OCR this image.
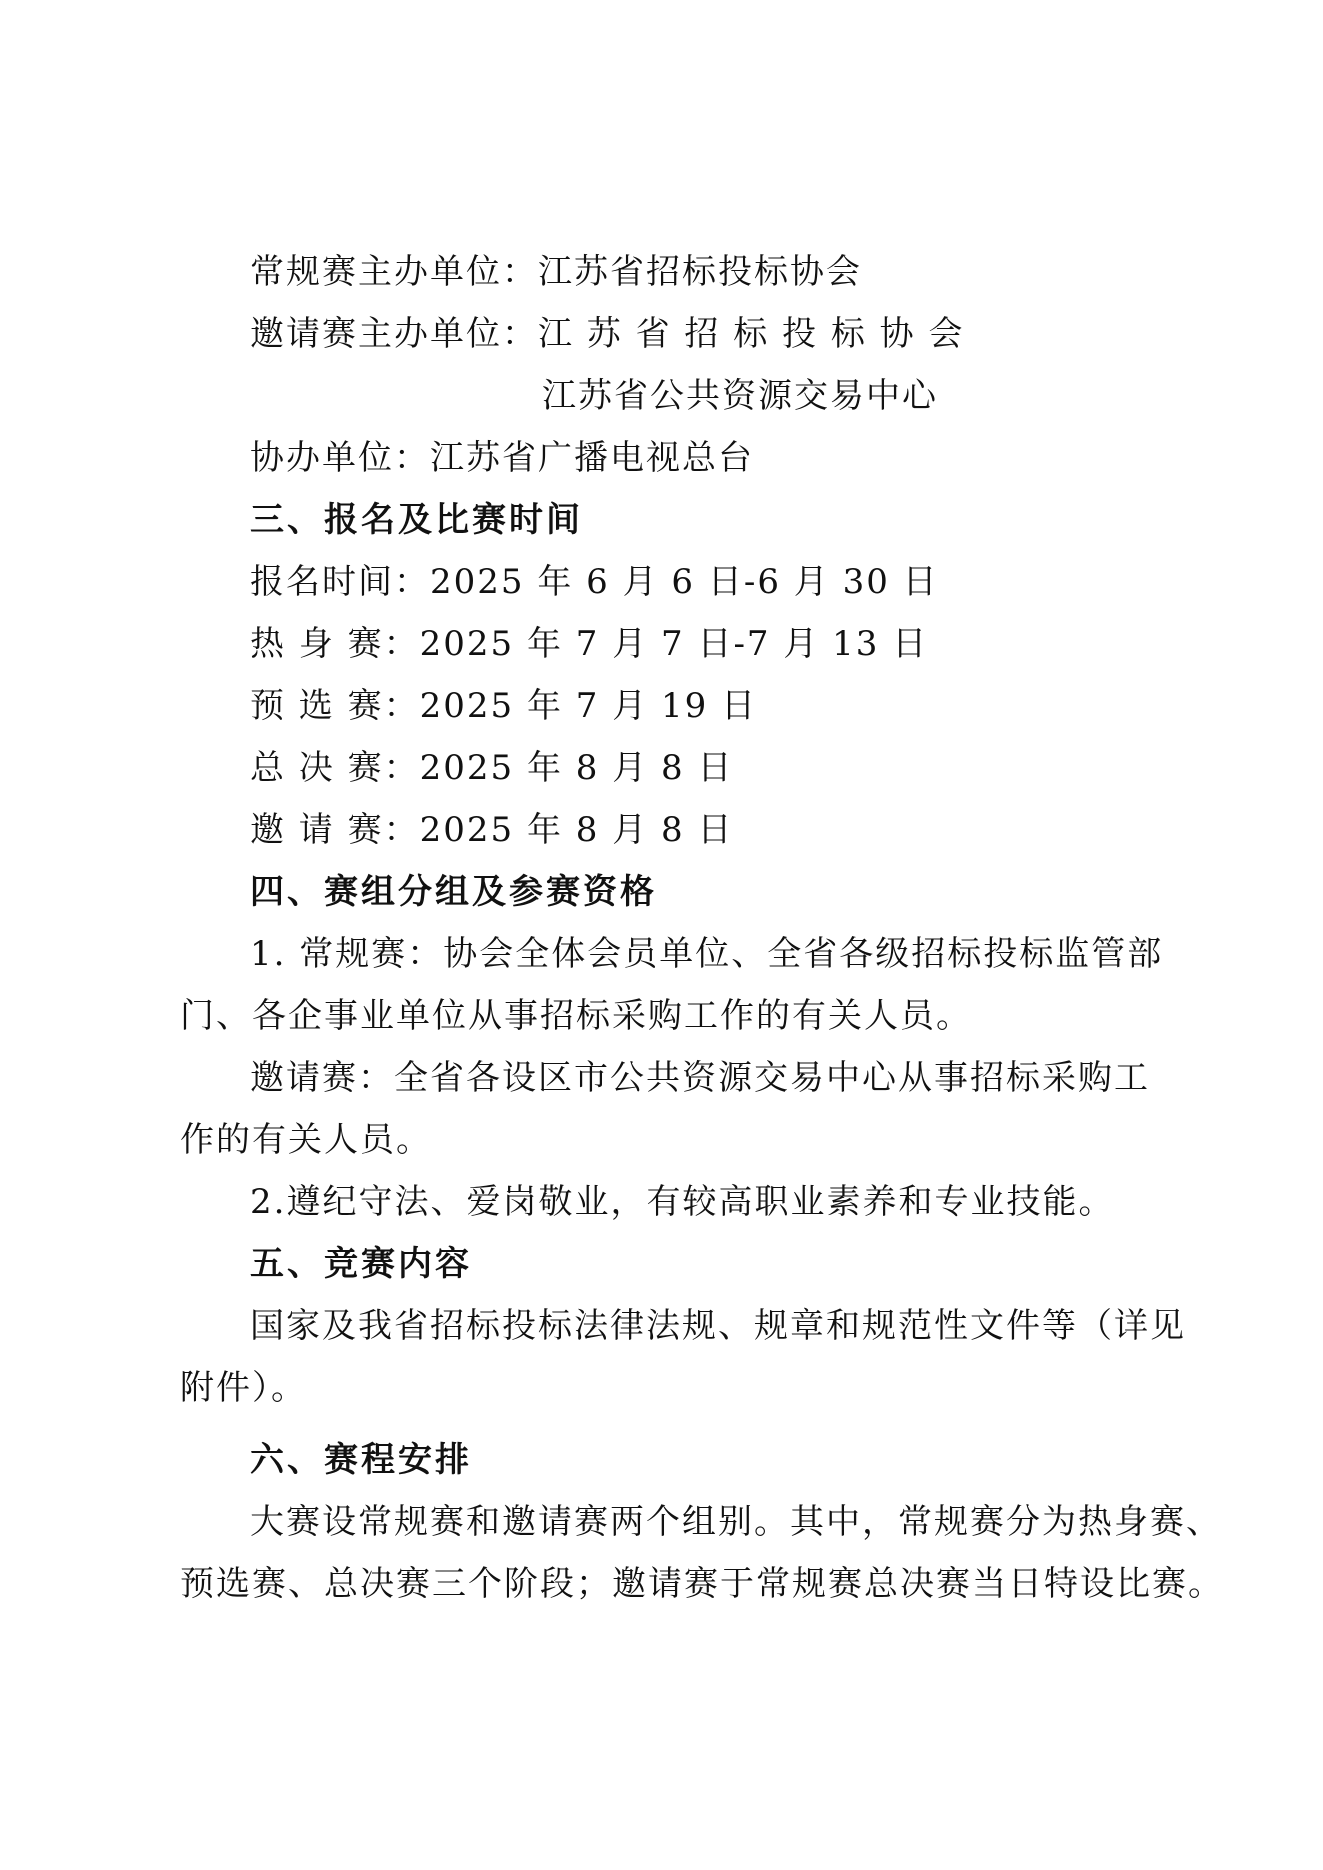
常规赛主办单位：江苏省招标投标协会
邀请赛主办单位：江 苏 省 招 标 投 标 协 会
江苏省公共资源交易中心
协办单位：江苏省广播电视总台
三、报名及比赛时间
报名时间：2025 年 6 月 6 日-6 月 30 日
热 身 赛：2025 年 7 月 7 日-7 月 13 日
预 选 赛：2025 年 7 月 19 日
总 决 赛：2025 年 8 月 8 日
邀 请 赛：2025 年 8 月 8 日
四、赛组分组及参赛资格
1. 常规赛：协会全体会员单位、全省各级招标投标监管部
门、各企事业单位从事招标采购工作的有关人员。
邀请赛：全省各设区市公共资源交易中心从事招标采购工
作的有关人员。
2.遵纪守法、爱岗敬业，有较高职业素养和专业技能。
五、竞赛内容
国家及我省招标投标法律法规、规章和规范性文件等（详见
附件）。
六、赛程安排
大赛设常规赛和邀请赛两个组别。其中，常规赛分为热身赛、
预选赛、总决赛三个阶段；邀请赛于常规赛总决赛当日特设比赛。
